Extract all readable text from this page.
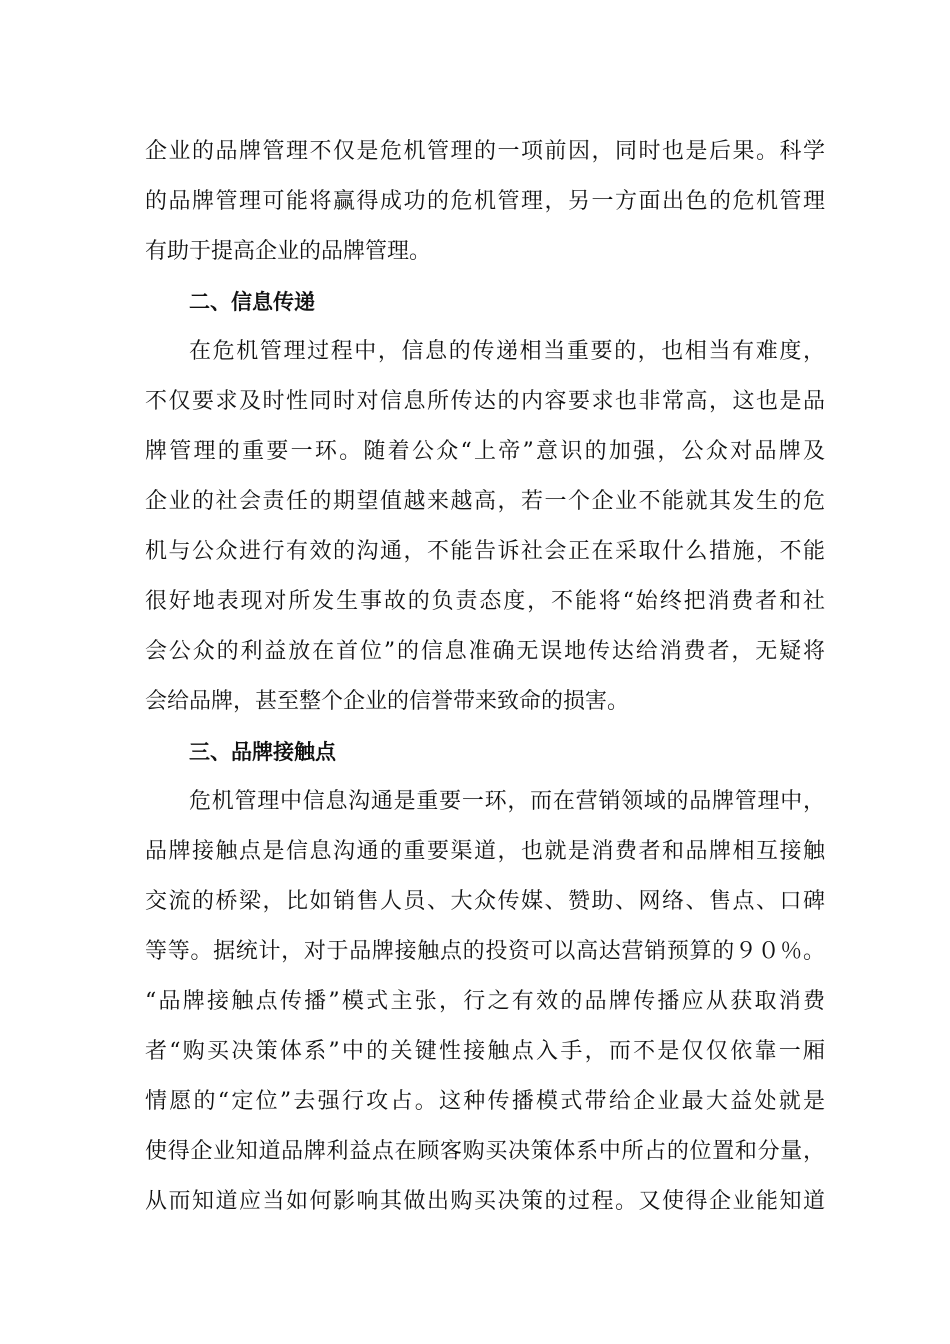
企业的品牌管理不仅是危机管理的一项前因，同时也是后果。科学
的品牌管理可能将赢得成功的危机管理，另一方面出色的危机管理
有助于提高企业的品牌管理。
二、信息传递
在危机管理过程中，信息的传递相当重要的，也相当有难度，
不仅要求及时性同时对信息所传达的内容要求也非常高，这也是品
牌管理的重要一环。随着公众“上帝”意识的加强，公众对品牌及
企业的社会责任的期望值越来越高，若一个企业不能就其发生的危
机与公众进行有效的沟通，不能告诉社会正在采取什么措施，不能
很好地表现对所发生事故的负责态度，不能将“始终把消费者和社
会公众的利益放在首位”的信息准确无误地传达给消费者，无疑将
会给品牌，甚至整个企业的信誉带来致命的损害。
三、品牌接触点
危机管理中信息沟通是重要一环，而在营销领域的品牌管理中，
品牌接触点是信息沟通的重要渠道，也就是消费者和品牌相互接触
交流的桥梁，比如销售人员、大众传媒、赞助、网络、售点、口碑
等等。据统计，对于品牌接触点的投资可以高达营销预算的９０％。
“品牌接触点传播”模式主张，行之有效的品牌传播应从获取消费
者“购买决策体系”中的关键性接触点入手，而不是仅仅依靠一厢
情愿的“定位”去强行攻占。这种传播模式带给企业最大益处就是
使得企业知道品牌利益点在顾客购买决策体系中所占的位置和分量，
从而知道应当如何影响其做出购买决策的过程。又使得企业能知道
